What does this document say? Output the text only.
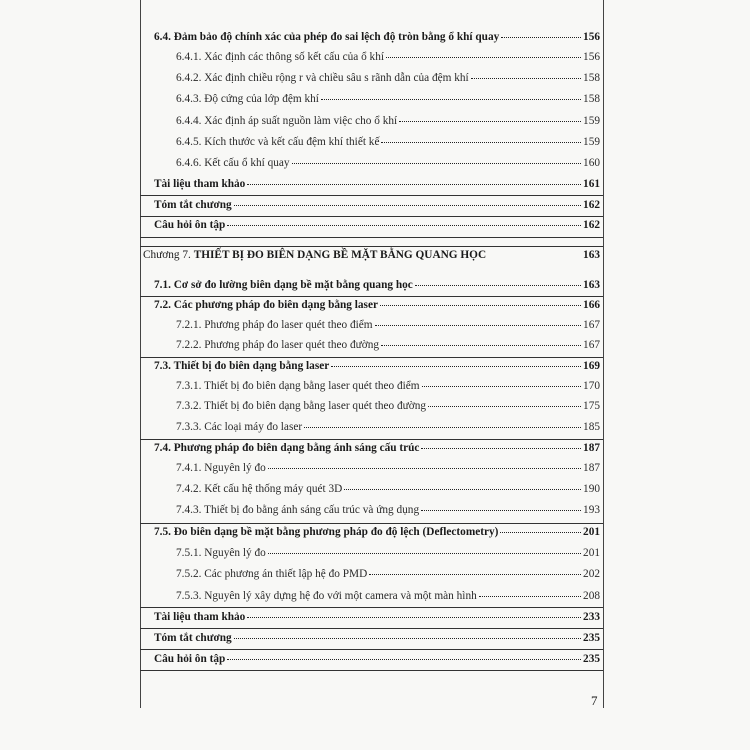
6.4. Đảm bảo độ chính xác của phép đo sai lệch độ tròn bằng ổ khí quay	156
6.4.1. Xác định các thông số kết cấu của ổ khí	156
6.4.2. Xác định chiều rộng r và chiều sâu s rãnh dẫn của đệm khí	158
6.4.3. Độ cứng của lớp đệm khí	158
6.4.4. Xác định áp suất nguồn làm việc cho ổ khí	159
6.4.5. Kích thước và kết cấu đệm khí thiết kế	159
6.4.6. Kết cấu ổ khí quay	160
Tài liệu tham khảo	161
Tóm tắt chương	162
Câu hỏi ôn tập	162
Chương 7. THIẾT BỊ ĐO BIÊN DẠNG BỀ MẶT BẰNG QUANG HỌC	163
7.1. Cơ sở đo lường biên dạng bề mặt bằng quang học	163
7.2. Các phương pháp đo biên dạng bằng laser	166
7.2.1. Phương pháp đo laser quét theo điểm	167
7.2.2. Phương pháp đo laser quét theo đường	167
7.3. Thiết bị đo biên dạng bằng laser	169
7.3.1. Thiết bị đo biên dạng bằng laser quét theo điểm	170
7.3.2. Thiết bị đo biên dạng bằng laser quét theo đường	175
7.3.3. Các loại máy đo laser	185
7.4. Phương pháp đo biên dạng bằng ánh sáng cấu trúc	187
7.4.1. Nguyên lý đo	187
7.4.2. Kết cấu hệ thống máy quét 3D	190
7.4.3. Thiết bị đo bằng ánh sáng cấu trúc và ứng dụng	193
7.5. Đo biên dạng bề mặt bằng phương pháp đo độ lệch (Deflectometry)	201
7.5.1. Nguyên lý đo	201
7.5.2. Các phương án thiết lập hệ đo PMD	202
7.5.3. Nguyên lý xây dựng hệ đo với một camera và một màn hình	208
Tài liệu tham khảo	233
Tóm tắt chương	235
Câu hỏi ôn tập	235
7
